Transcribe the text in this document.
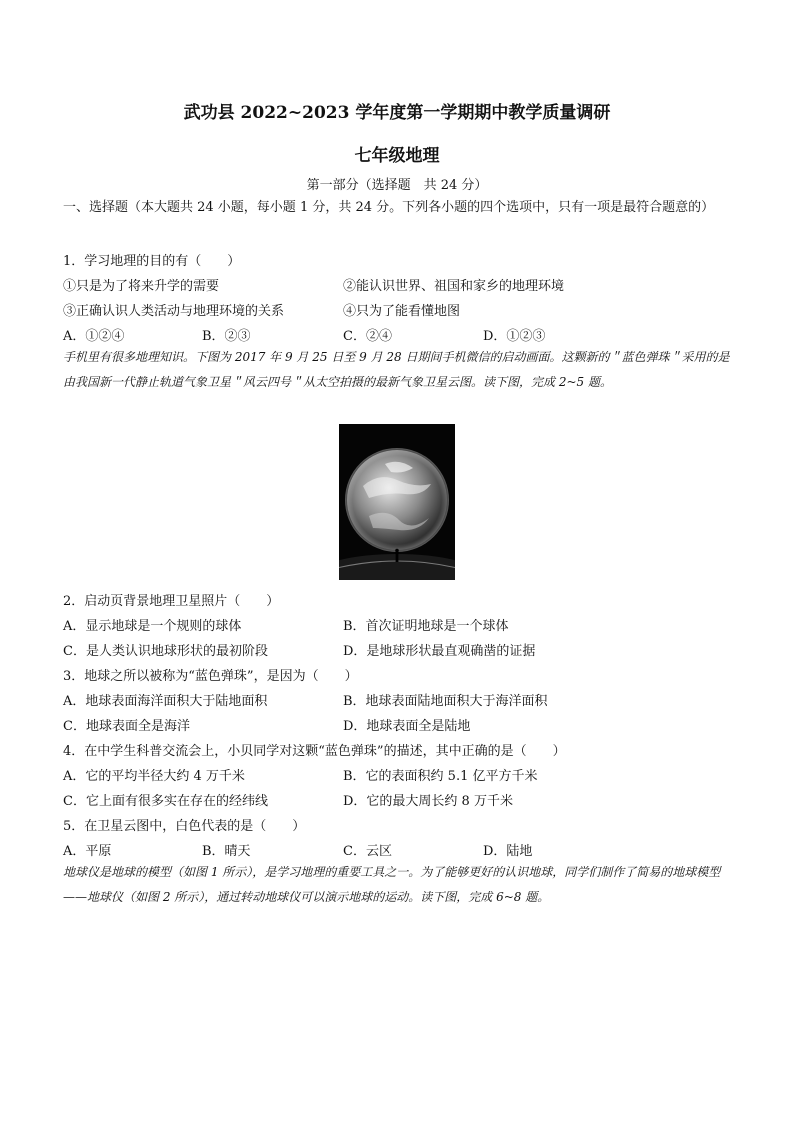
武功县 2022~2023 学年度第一学期期中教学质量调研
七年级地理
第一部分（选择题　共 24 分）
一、选择题（本大题共 24 小题，每小题 1 分，共 24 分。下列各小题的四个选项中，只有一项是最符合题意的）
1．学习地理的目的有（　　）
①只是为了将来升学的需要	②能认识世界、祖国和家乡的地理环境
③正确认识人类活动与地理环境的关系	④只为了能看懂地图
A．①②④	B．②③	C．②④	D．①②③
手机里有很多地理知识。下图为 2017 年 9 月 25 日至 9 月 28 日期间手机微信的启动画面。这颗新的＂蓝色弹珠＂采用的是由我国新一代静止轨道气象卫星＂风云四号＂从太空拍摄的最新气象卫星云图。读下图，完成 2~5 题。
2．启动页背景地理卫星照片（　　）
A．显示地球是一个规则的球体	B．首次证明地球是一个球体
C．是人类认识地球形状的最初阶段	D．是地球形状最直观确凿的证据
3．地球之所以被称为“蓝色弹珠”，是因为（　　）
A．地球表面海洋面积大于陆地面积	B．地球表面陆地面积大于海洋面积
C．地球表面全是海洋	D．地球表面全是陆地
4．在中学生科普交流会上，小贝同学对这颗“蓝色弹珠”的描述，其中正确的是（　　）
A．它的平均半径大约 4 万千米	B．它的表面积约 5.1 亿平方千米
C．它上面有很多实在存在的经纬线	D．它的最大周长约 8 万千米
5．在卫星云图中，白色代表的是（　　）
A．平原	B．晴天	C．云区	D．陆地
地球仪是地球的模型（如图 1 所示），是学习地理的重要工具之一。为了能够更好的认识地球，同学们制作了简易的地球模型——地球仪（如图 2 所示），通过转动地球仪可以演示地球的运动。读下图，完成 6~8 题。
